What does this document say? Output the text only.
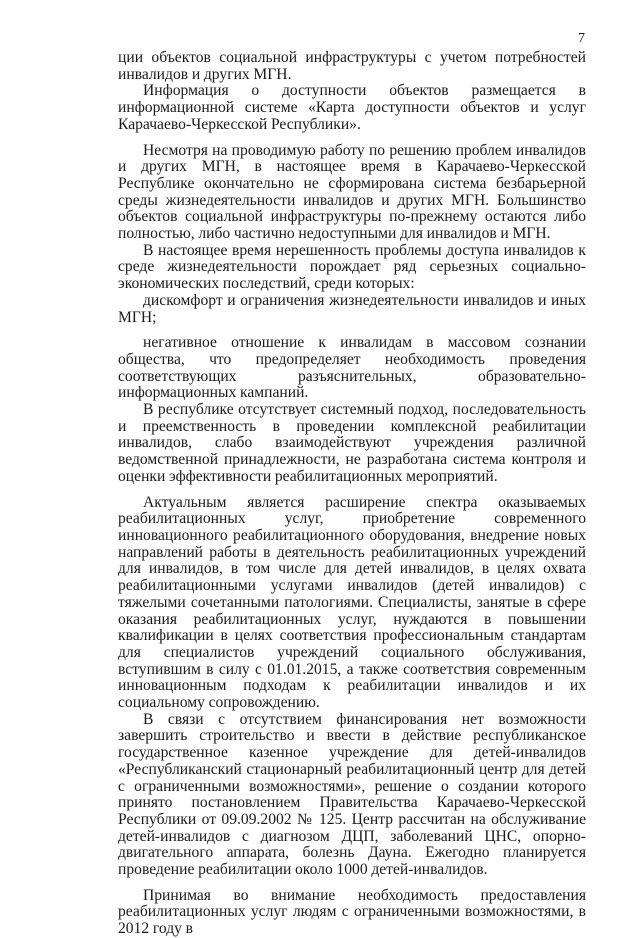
7

ции объектов социальной инфраструктуры с учетом потребностей инвалидов и других МГН.

Информация о доступности объектов размещается в информационной системе «Карта доступности объектов и услуг Карачаево-Черкесской Республики».

Несмотря на проводимую работу по решению проблем инвалидов и других МГН, в настоящее время в Карачаево-Черкесской Республике окончательно не сформирована система безбарьерной среды жизнедеятельности инвалидов и других МГН. Большинство объектов социальной инфраструктуры по-прежнему остаются либо полностью, либо частично недоступными для инвалидов и МГН.

В настоящее время нерешенность проблемы доступа инвалидов к среде жизнедеятельности порождает ряд серьезных социально-экономических последствий, среди которых:

дискомфорт и ограничения жизнедеятельности инвалидов и иных МГН;

негативное отношение к инвалидам в массовом сознании общества, что предопределяет необходимость проведения соответствующих разъяснительных, образовательно-информационных кампаний.

В республике отсутствует системный подход, последовательность и преемственность в проведении комплексной реабилитации инвалидов, слабо взаимодействуют учреждения различной ведомственной принадлежности, не разработана система контроля и оценки эффективности реабилитационных мероприятий.

Актуальным является расширение спектра оказываемых реабилитационных услуг, приобретение современного инновационного реабилитационного оборудования, внедрение новых направлений работы в деятельность реабилитационных учреждений для инвалидов, в том числе для детей инвалидов, в целях охвата реабилитационными услугами инвалидов (детей инвалидов) с тяжелыми сочетанными патологиями. Специалисты, занятые в сфере оказания реабилитационных услуг, нуждаются в повышении квалификации в целях соответствия профессиональным стандартам для специалистов учреждений социального обслуживания, вступившим в силу с 01.01.2015, а также соответствия современным инновационным подходам к реабилитации инвалидов и их социальному сопровождению.

В связи с отсутствием финансирования нет возможности завершить строительство и ввести в действие республиканское государственное казенное учреждение для детей-инвалидов «Республиканский стационарный реабилитационный центр для детей с ограниченными возможностями», решение о создании которого принято постановлением Правительства Карачаево-Черкесской Республики от 09.09.2002 № 125. Центр рассчитан на обслуживание детей-инвалидов с диагнозом ДЦП, заболеваний ЦНС, опорно-двигательного аппарата, болезнь Дауна. Ежегодно планируется проведение реабилитации около 1000 детей-инвалидов.

Принимая во внимание необходимость предоставления реабилитационных услуг людям с ограниченными возможностями, в 2012 году в
